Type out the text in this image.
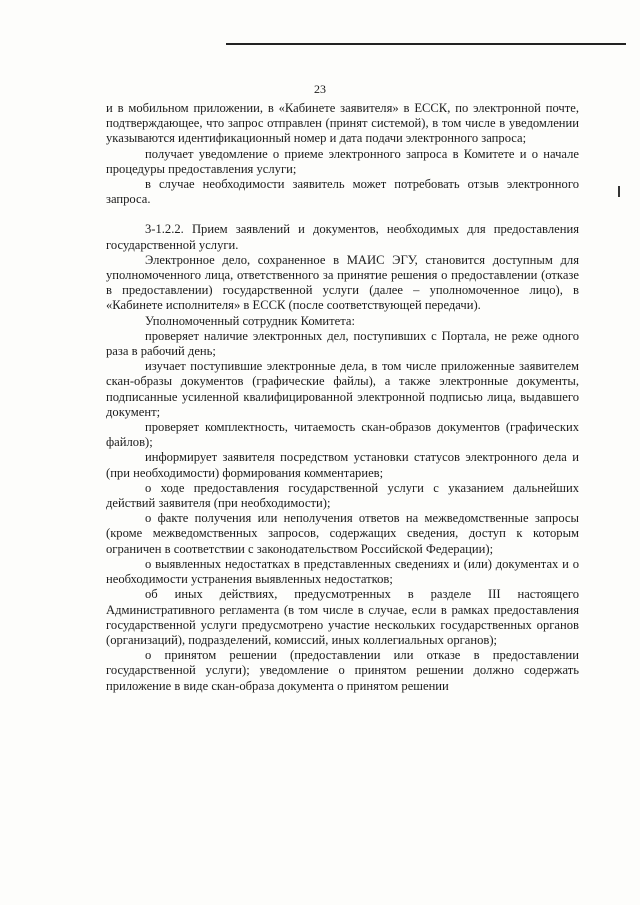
23

и в мобильном приложении, в «Кабинете заявителя» в ЕССК, по электронной почте, подтверждающее, что запрос отправлен (принят системой), в том числе в уведомлении указываются идентификационный номер и дата подачи электронного запроса;

получает уведомление о приеме электронного запроса в Комитете и о начале процедуры предоставления услуги;

в случае необходимости заявитель может потребовать отзыв электронного запроса.

3-1.2.2. Прием заявлений и документов, необходимых для предоставления государственной услуги.

Электронное дело, сохраненное в МАИС ЭГУ, становится доступным для уполномоченного лица, ответственного за принятие решения о предоставлении (отказе в предоставлении) государственной услуги (далее – уполномоченное лицо), в «Кабинете исполнителя» в ЕССК (после соответствующей передачи).

Уполномоченный сотрудник Комитета:

проверяет наличие электронных дел, поступивших с Портала, не реже одного раза в рабочий день;

изучает поступившие электронные дела, в том числе приложенные заявителем скан-образы документов (графические файлы), а также электронные документы, подписанные усиленной квалифицированной электронной подписью лица, выдавшего документ;

проверяет комплектность, читаемость скан-образов документов (графических файлов);

информирует заявителя посредством установки статусов электронного дела и (при необходимости) формирования комментариев;

о ходе предоставления государственной услуги с указанием дальнейших действий заявителя (при необходимости);

о факте получения или неполучения ответов на межведомственные запросы (кроме межведомственных запросов, содержащих сведения, доступ к которым ограничен в соответствии с законодательством Российской Федерации);

о выявленных недостатках в представленных сведениях и (или) документах и о необходимости устранения выявленных недостатков;

об иных действиях, предусмотренных в разделе III настоящего Административного регламента (в том числе в случае, если в рамках предоставления государственной услуги предусмотрено участие нескольких государственных органов (организаций), подразделений, комиссий, иных коллегиальных органов);

о принятом решении (предоставлении или отказе в предоставлении государственной услуги); уведомление о принятом решении должно содержать приложение в виде скан-образа документа о принятом решении
